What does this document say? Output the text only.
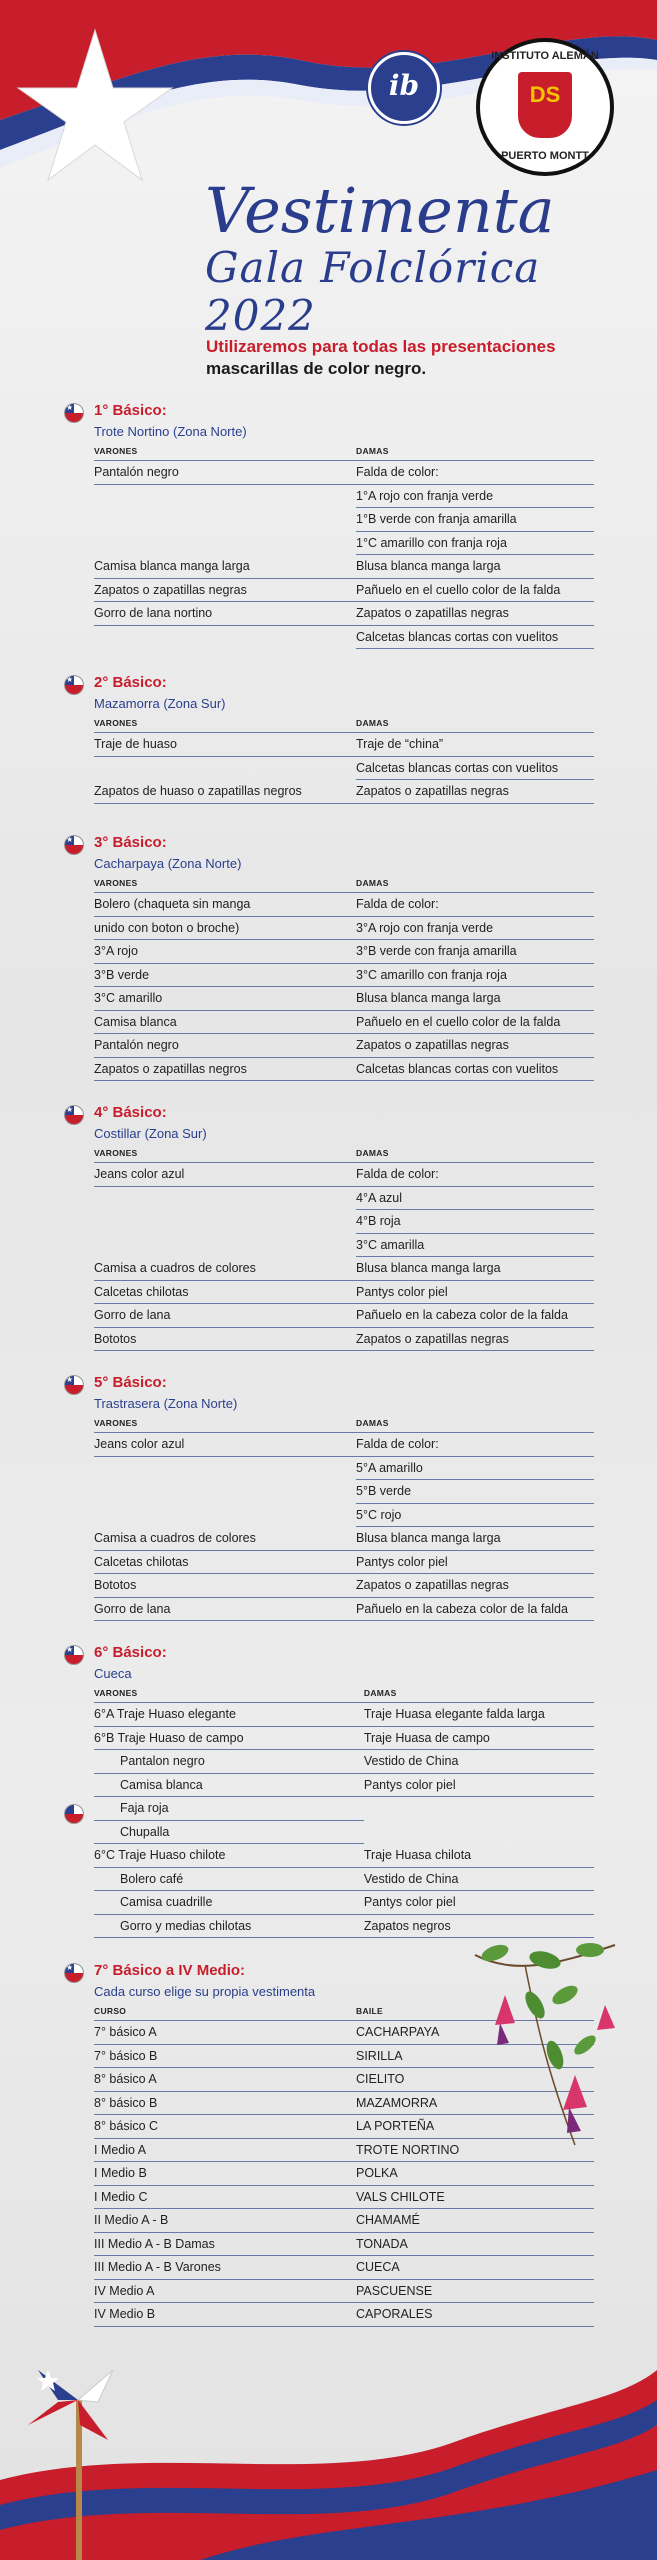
ib
INSTITUTO ALEMÁN
DS
PUERTO MONTT
Vestimenta
Gala Folclórica 2022
Utilizaremos para todas las presentaciones
mascarillas de color negro.
★
1° Básico:
Trote Nortino (Zona Norte)
VARONES	DAMAS
Pantalón negro	Falda de color:
	1°A rojo con franja verde
	1°B verde con franja amarilla
	1°C amarillo con franja roja
Camisa blanca manga larga	Blusa blanca manga larga
Zapatos o zapatillas negras	Pañuelo en el cuello color de la falda
Gorro de lana nortino	Zapatos o zapatillas negras
	Calcetas blancas cortas con vuelitos
★
2° Básico:
Mazamorra (Zona Sur)
VARONES	DAMAS
Traje de huaso	Traje de “china”
	Calcetas blancas cortas con vuelitos
Zapatos de huaso o zapatillas negros	Zapatos o zapatillas negras
★
3° Básico:
Cacharpaya (Zona Norte)
VARONES	DAMAS
Bolero (chaqueta sin manga	Falda de color:
unido con boton o broche)	3°A rojo con franja verde
3°A rojo	3°B verde con franja amarilla
3°B verde	3°C amarillo con franja roja
3°C amarillo	Blusa blanca manga larga
Camisa blanca	Pañuelo en el cuello color de la falda
Pantalón negro	Zapatos o zapatillas negras
Zapatos o zapatillas negros	Calcetas blancas cortas con vuelitos
★
4° Básico:
Costillar (Zona Sur)
VARONES	DAMAS
Jeans color azul	Falda de color:
	4°A azul
	4°B roja
	3°C amarilla
Camisa a cuadros de colores	Blusa blanca manga larga
Calcetas chilotas	Pantys color piel
Gorro de lana	Pañuelo en la cabeza color de la falda
Bototos	Zapatos o zapatillas negras
★
5° Básico:
Trastrasera (Zona Norte)
VARONES	DAMAS
Jeans color azul	Falda de color:
	5°A amarillo
	5°B verde
	5°C rojo
Camisa a cuadros de colores	Blusa blanca manga larga
Calcetas chilotas	Pantys color piel
Bototos	Zapatos o zapatillas negras
Gorro de lana	Pañuelo en la cabeza color de la falda
★
6° Básico:
Cueca
VARONES	DAMAS
6°A Traje Huaso elegante	Traje Huasa elegante falda larga
6°B Traje Huaso de campo	Traje Huasa de campo
Pantalon negro	Vestido de China
Camisa blanca	Pantys color piel
Faja roja	
Chupalla	
6°C Traje Huaso chilote	Traje Huasa chilota
Bolero café	Vestido de China
Camisa cuadrille	Pantys color piel
Gorro y medias chilotas	Zapatos negros
★
7° Básico a IV Medio:
Cada curso elige su propia vestimenta
CURSO	BAILE
7° básico A	CACHARPAYA
7° básico B	SIRILLA
8° básico A	CIELITO
8° básico B	MAZAMORRA
8° básico C	LA PORTEÑA
I Medio A	TROTE NORTINO
I Medio B	POLKA
I Medio C	VALS CHILOTE
II Medio A - B	CHAMAMÉ
III Medio A - B Damas	TONADA
III Medio A - B Varones	CUECA
IV Medio A	PASCUENSE
IV Medio B	CAPORALES
